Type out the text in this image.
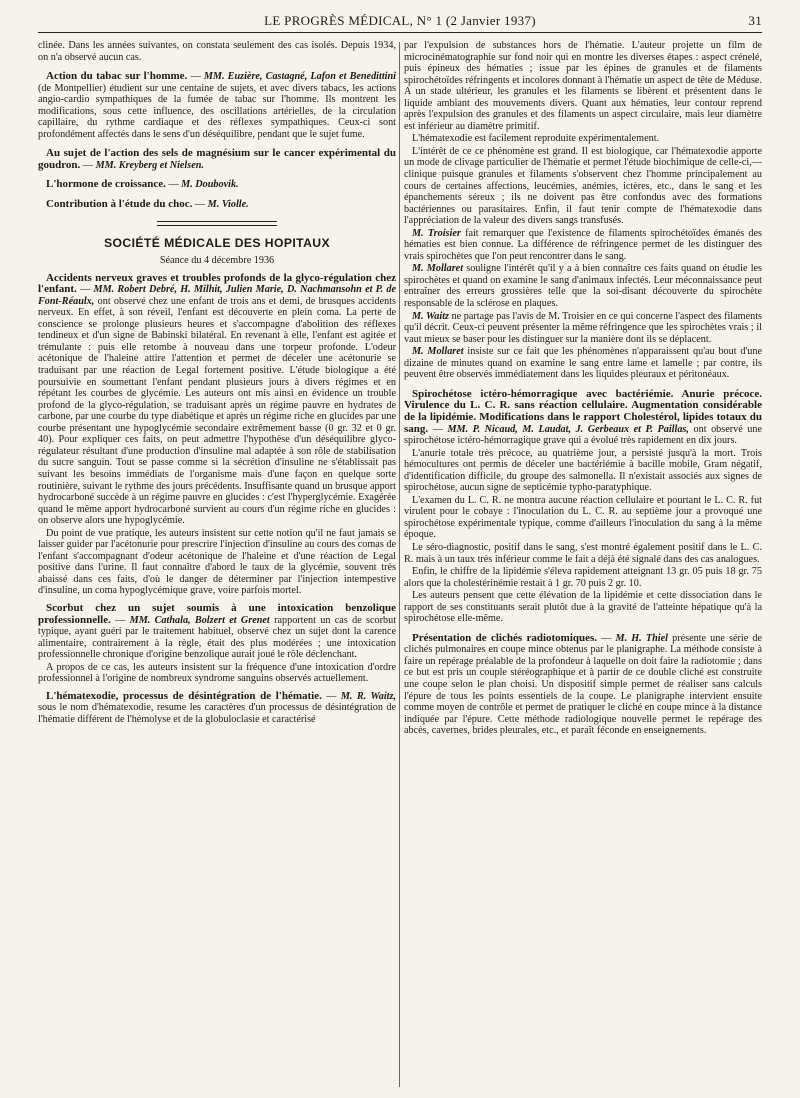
LE PROGRÈS MÉDICAL, N° 1 (2 Janvier 1937)	31

clinée. Dans les années suivantes, on constata seulement des cas isolés. Depuis 1934, on n'a observé aucun cas.

Action du tabac sur l'homme. — MM. Euzière, Castagné, Lafon et Benedittini (de Montpellier) étudient sur une centaine de sujets, et avec divers tabacs, les actions angio-cardio sympathiques de la fumée de tabac sur l'homme. Ils montrent les modifications, sous cette influence, des oscillations artérielles, de la circulation capillaire, du rythme cardiaque et des réflexes sympathiques. Ceux-ci sont profondément affectés dans le sens d'un déséquilibre, pendant que le sujet fume.

Au sujet de l'action des sels de magnésium sur le cancer expérimental du goudron. — MM. Kreyberg et Nielsen.

L'hormone de croissance. — M. Doubovik.

Contribution à l'étude du choc. — M. Violle.

SOCIÉTÉ MÉDICALE DES HOPITAUX

Séance du 4 décembre 1936

Accidents nerveux graves et troubles profonds de la glyco-régulation chez l'enfant. — MM. Robert Debré, H. Milhit, Julien Marie, D. Nachmansohn et P. de Font-Réaulx, ont observé chez une enfant de trois ans et demi, de brusques accidents nerveux. En effet, à son réveil, l'enfant est découverte en plein coma. La perte de conscience se prolonge plusieurs heures et s'accompagne d'abolition des réflexes tendineux et d'un signe de Babinski bilatéral. En revenant à elle, l'enfant est agitée et trémulante : puis elle retombe à nouveau dans une torpeur profonde. L'odeur acétonique de l'haleine attire l'attention et permet de déceler une acétonurie se traduisant par une réaction de Legal fortement positive. L'étude biologique a été poursuivie en soumettant l'enfant pendant plusieurs jours à divers régimes et en répétant les courbes de glycémie. Les auteurs ont mis ainsi en évidence un trouble profond de la glyco-régulation, se traduisant après un régime pauvre en hydrates de carbone, par une courbe du type diabétique et après un régime riche en glucides par une courbe présentant une hypoglycémie secondaire extrêmement basse (0 gr. 32 et 0 gr. 40). Pour expliquer ces faits, on peut admettre l'hypothèse d'un déséquilibre glyco-régulateur résultant d'une production d'insuline mal adaptée à son rôle de stabilisation du sucre sanguin. Tout se passe comme si la sécrétion d'insuline ne s'établissait pas suivant les besoins immédiats de l'organisme mais d'une façon en quelque sorte routinière, suivant le rythme des jours précédents. Insuffisante quand un brusque apport hydrocarboné succède à un régime pauvre en glucides : c'est l'hyperglycémie. Exagérée quand le même apport hydrocarboné survient au cours d'un régime riche en glucides : on observe alors une hypoglycémie.

Du point de vue pratique, les auteurs insistent sur cette notion qu'il ne faut jamais se laisser guider par l'acétonurie pour prescrire l'injection d'insuline au cours des comas de l'enfant s'accompagnant d'odeur acétonique de l'haleine et d'une réaction de Legal positive dans l'urine. Il faut connaître d'abord le taux de la glycémie, souvent très abaissé dans ces faits, d'où le danger de déterminer par l'injection intempestive d'insuline, un coma hypoglycémique grave, voire parfois mortel.

Scorbut chez un sujet soumis à une intoxication benzolique professionnelle. — MM. Cathala, Bolzert et Grenet rapportent un cas de scorbut typique, ayant guéri par le traitement habituel, observé chez un sujet dont la carence alimentaire, contrairement à la règle, était des plus modérées ; une intoxication professionnelle chronique d'origine benzolique aurait joué le rôle déclenchant.

A propos de ce cas, les auteurs insistent sur la fréquence d'une intoxication d'ordre professionnel à l'origine de nombreux syndrome sanguins observés actuellement.

L'hématexodie, processus de désintégration de l'hématie. — M. R. Waitz, sous le nom d'hématexodie, resume les caractères d'un processus de désintégration de l'hématie différent de l'hémolyse et de la globuloclasie et caractérisé

par l'expulsion de substances hors de l'hématie. L'auteur projette un film de microcinématographie sur fond noir qui en montre les diverses étapes : aspect crénelé, puis épineux des hématies ; issue par les épines de granules et de filaments spirochétoïdes réfringents et incolores donnant à l'hématie un aspect de tête de Méduse. A un stade ultérieur, les granules et les filaments se libèrent et présentent dans le liquide ambiant des mouvements divers. Quant aux hématies, leur contour reprend après l'expulsion des granules et des filaments un aspect circulaire, mais leur diamètre est inférieur au diamètre primitif.

L'hématexodie est facilement reproduite expérimentalement.

L'intérêt de ce ce phénomène est grand. Il est biologique, car l'hématexodie apporte un mode de clivage particulier de l'hématie et permet l'étude biochimique de celle-ci,—clinique puisque granules et filaments s'observent chez l'homme principalement au cours de certaines affections, leucémies, anémies, ictères, etc., dans le sang et les épanchements séreux ; ils ne doivent pas être confondus avec des formations bactériennes ou parasitaires. Enfin, il faut tenir compte de l'hématexodie dans l'appréciation de la valeur des divers sangs transfusés.

M. Troisier fait remarquer que l'existence de filaments spirochétoïdes émanés des hématies est bien connue. La différence de réfringence permet de les distinguer des vrais spirochètes que l'on peut rencontrer dans le sang.

M. Mollaret souligne l'intérêt qu'il y a à bien connaître ces faits quand on étudie les spirochètes et quand on examine le sang d'animaux infectés. Leur méconnaissance peut entraîner des erreurs grossières telle que la soi-disant découverte du spirochète responsable de la sclérose en plaques.

M. Waitz ne partage pas l'avis de M. Troisier en ce qui concerne l'aspect des filaments qu'il décrit. Ceux-ci peuvent présenter la même réfringence que les spirochètes vrais ; il vaut mieux se baser pour les distinguer sur la manière dont ils se déplacent.

M. Mollaret insiste sur ce fait que les phénomènes n'apparaissent qu'au bout d'une dizaine de minutes quand on examine le sang entre lame et lamelle ; par contre, ils peuvent être observés immédiatement dans les liquides pleuraux et péritonéaux.

Spirochétose ictéro-hémorragique avec bactériémie. Anurie précoce. Virulence du L. C. R. sans réaction cellulaire. Augmentation considérable de la lipidémie. Modifications dans le rapport Cholestérol, lipides totaux du sang. — MM. P. Nicaud, M. Laudat, J. Gerbeaux et P. Paillas, ont observé une spirochétose ictéro-hémorragique grave qui a évolué très rapidement en dix jours.

L'anurie totale très précoce, au quatrième jour, a persisté jusqu'à la mort. Trois hémocultures ont permis de déceler une bactériémie à bacille mobile, Gram négatif, d'identification difficile, du groupe des salmonella. Il n'existait associés aux signes de spirochétose, aucun signe de septicémie typho-paratyphique.

L'examen du L. C. R. ne montra aucune réaction cellulaire et pourtant le L. C. R. fut virulent pour le cobaye : l'inoculation du L. C. R. au septième jour a provoqué une spirochétose expérimentale typique, comme d'ailleurs l'inoculation du sang à la même époque.

Le séro-diagnostic, positif dans le sang, s'est montré également positif dans le L. C. R. mais à un taux très inférieur comme le fait a déjà été signalé dans des cas analogues.

Enfin, le chiffre de la lipidémie s'éleva rapidement atteignant 13 gr. 05 puis 18 gr. 75 alors que la cholestérinémie restait à 1 gr. 70 puis 2 gr. 10.

Les auteurs pensent que cette élévation de la lipidémie et cette dissociation dans le rapport de ses constituants serait plutôt due à la gravité de l'atteinte hépatique qu'à la spirochétose elle-même.

Présentation de clichés radiotomiques. — M. H. Thiel présente une série de clichés pulmonaires en coupe mince obtenus par le planigraphe. La méthode consiste à faire un repérage préalable de la profondeur à laquelle on doit faire la radiotomie ; dans ce but est pris un couple stéréographique et à partir de ce double cliché est construite une coupe selon le plan choisi. Un dispositif simple permet de réaliser sans calculs l'épure de tous les points essentiels de la coupe. Le planigraphe intervient ensuite comme moyen de contrôle et permet de pratiquer le cliché en coupe mince à la distance indiquée par l'épure. Cette méthode radiologique nouvelle permet le repérage des abcès, cavernes, brides pleurales, etc., et paraît féconde en enseignements.
